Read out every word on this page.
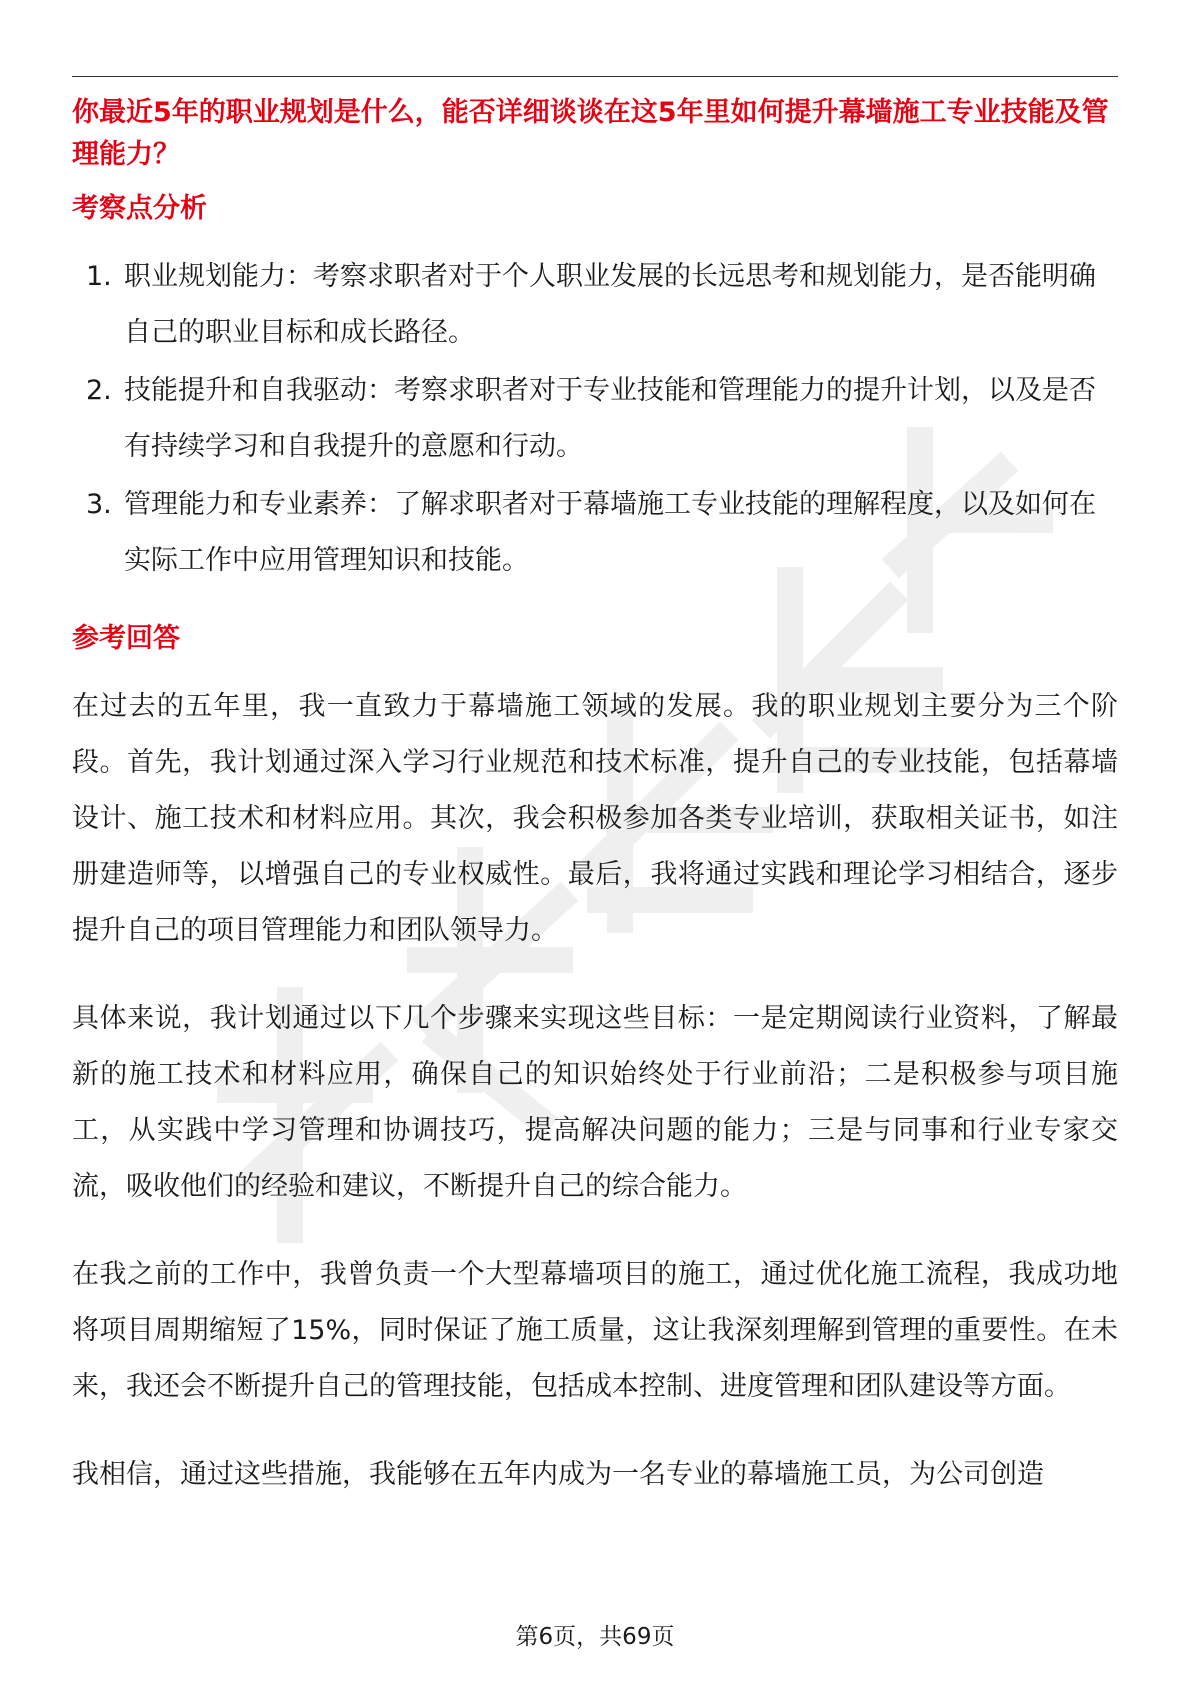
你最近5年的职业规划是什么，能否详细谈谈在这5年里如何提升幕墙施工专业技能及管理能力？
考察点分析
1. 职业规划能力：考察求职者对于个人职业发展的长远思考和规划能力，是否能明确自己的职业目标和成长路径。
2. 技能提升和自我驱动：考察求职者对于专业技能和管理能力的提升计划，以及是否有持续学习和自我提升的意愿和行动。
3. 管理能力和专业素养：了解求职者对于幕墙施工专业技能的理解程度，以及如何在实际工作中应用管理知识和技能。
参考回答

在过去的五年里，我一直致力于幕墙施工领域的发展。我的职业规划主要分为三个阶段。首先，我计划通过深入学习行业规范和技术标准，提升自己的专业技能，包括幕墙设计、施工技术和材料应用。其次，我会积极参加各类专业培训，获取相关证书，如注册建造师等，以增强自己的专业权威性。最后，我将通过实践和理论学习相结合，逐步提升自己的项目管理能力和团队领导力。

具体来说，我计划通过以下几个步骤来实现这些目标：一是定期阅读行业资料，了解最新的施工技术和材料应用，确保自己的知识始终处于行业前沿；二是积极参与项目施工，从实践中学习管理和协调技巧，提高解决问题的能力；三是与同事和行业专家交流，吸收他们的经验和建议，不断提升自己的综合能力。

在我之前的工作中，我曾负责一个大型幕墙项目的施工，通过优化施工流程，我成功地将项目周期缩短了15%，同时保证了施工质量，这让我深刻理解到管理的重要性。在未来，我还会不断提升自己的管理技能，包括成本控制、进度管理和团队建设等方面。

我相信，通过这些措施，我能够在五年内成为一名专业的幕墙施工员，为公司创造

第6页，共69页
